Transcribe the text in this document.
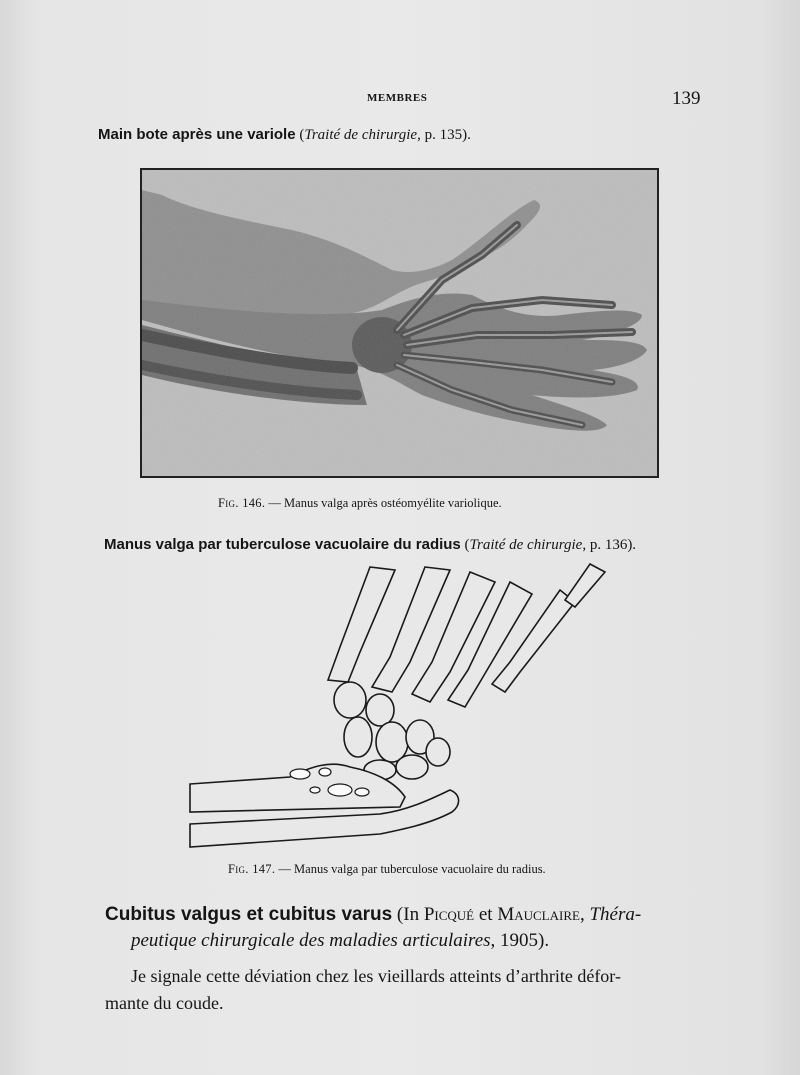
MEMBRES	139
Main bote après une variole (Traité de chirurgie, p. 135).
Fig. 146. — Manus valga après ostéomyélite variolique.
Manus valga par tuberculose vacuolaire du radius (Traité de chirurgie, p. 136).
Fig. 147. — Manus valga par tuberculose vacuolaire du radius.
Cubitus valgus et cubitus varus (In Picqué et Mauclaire, Théra-
peutique chirurgicale des maladies articulaires, 1905).
Je signale cette déviation chez les vieillards atteints d’arthrite défor-
mante du coude.
